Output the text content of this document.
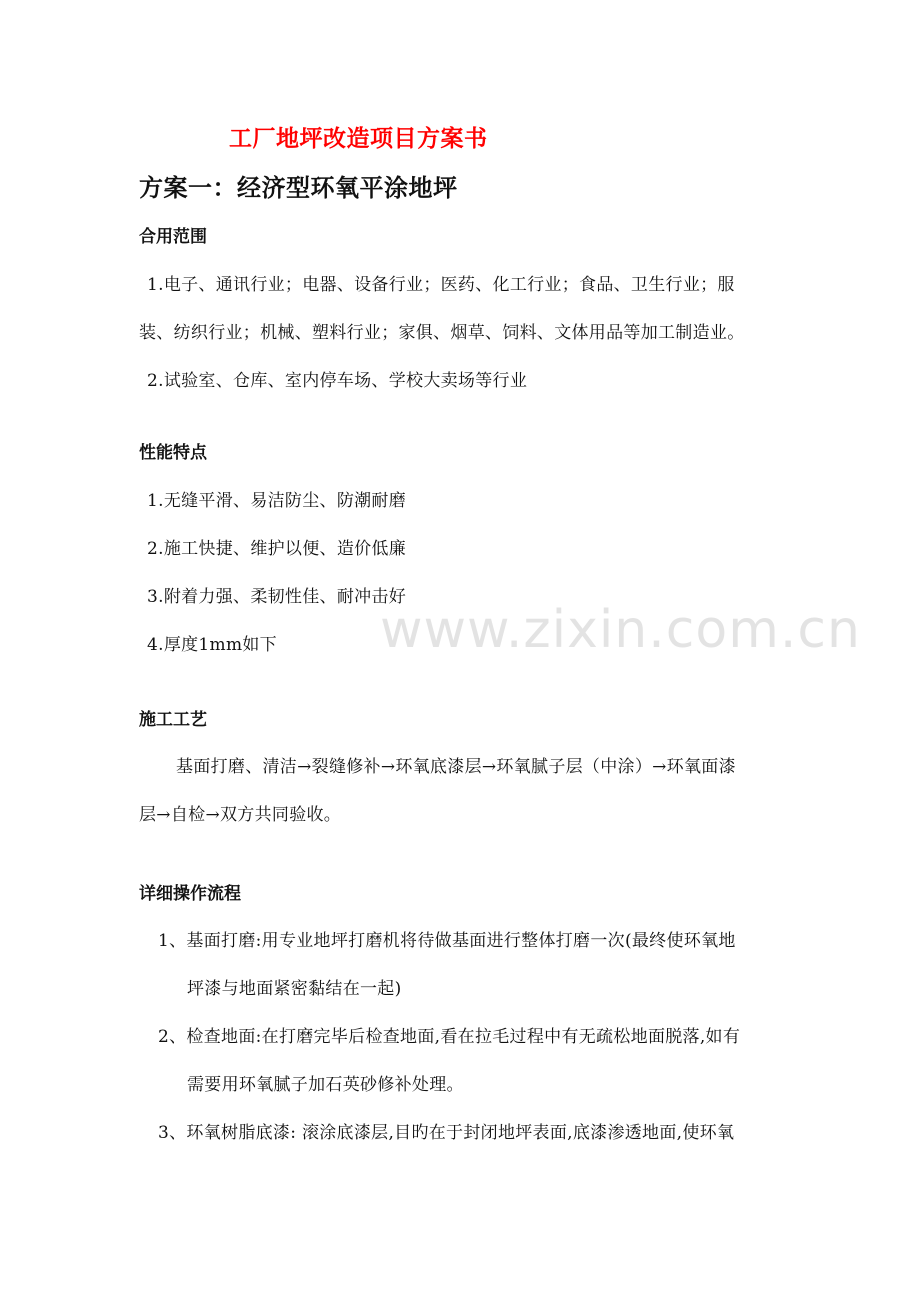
工厂地坪改造项目方案书
方案一：经济型环氧平涂地坪
合用范围
1.电子、通讯行业；电器、设备行业；医药、化工行业；食品、卫生行业；服
装、纺织行业；机械、塑料行业；家俱、烟草、饲料、文体用品等加工制造业。
2.试验室、仓库、室内停车场、学校大卖场等行业
性能特点
1.无缝平滑、易洁防尘、防潮耐磨
2.施工快捷、维护以便、造价低廉
3.附着力强、柔韧性佳、耐冲击好
4.厚度1mm如下
施工工艺
基面打磨、清洁→裂缝修补→环氧底漆层→环氧腻子层（中涂）→环氧面漆
层→自检→双方共同验收。
详细操作流程
1、基面打磨:用专业地坪打磨机将待做基面进行整体打磨一次(最终使环氧地
坪漆与地面紧密黏结在一起)
2、检查地面:在打磨完毕后检查地面,看在拉毛过程中有无疏松地面脱落,如有
需要用环氧腻子加石英砂修补处理。
3、环氧树脂底漆: 滚涂底漆层,目旳在于封闭地坪表面,底漆渗透地面,使环氧
www.zixin.com.cn
